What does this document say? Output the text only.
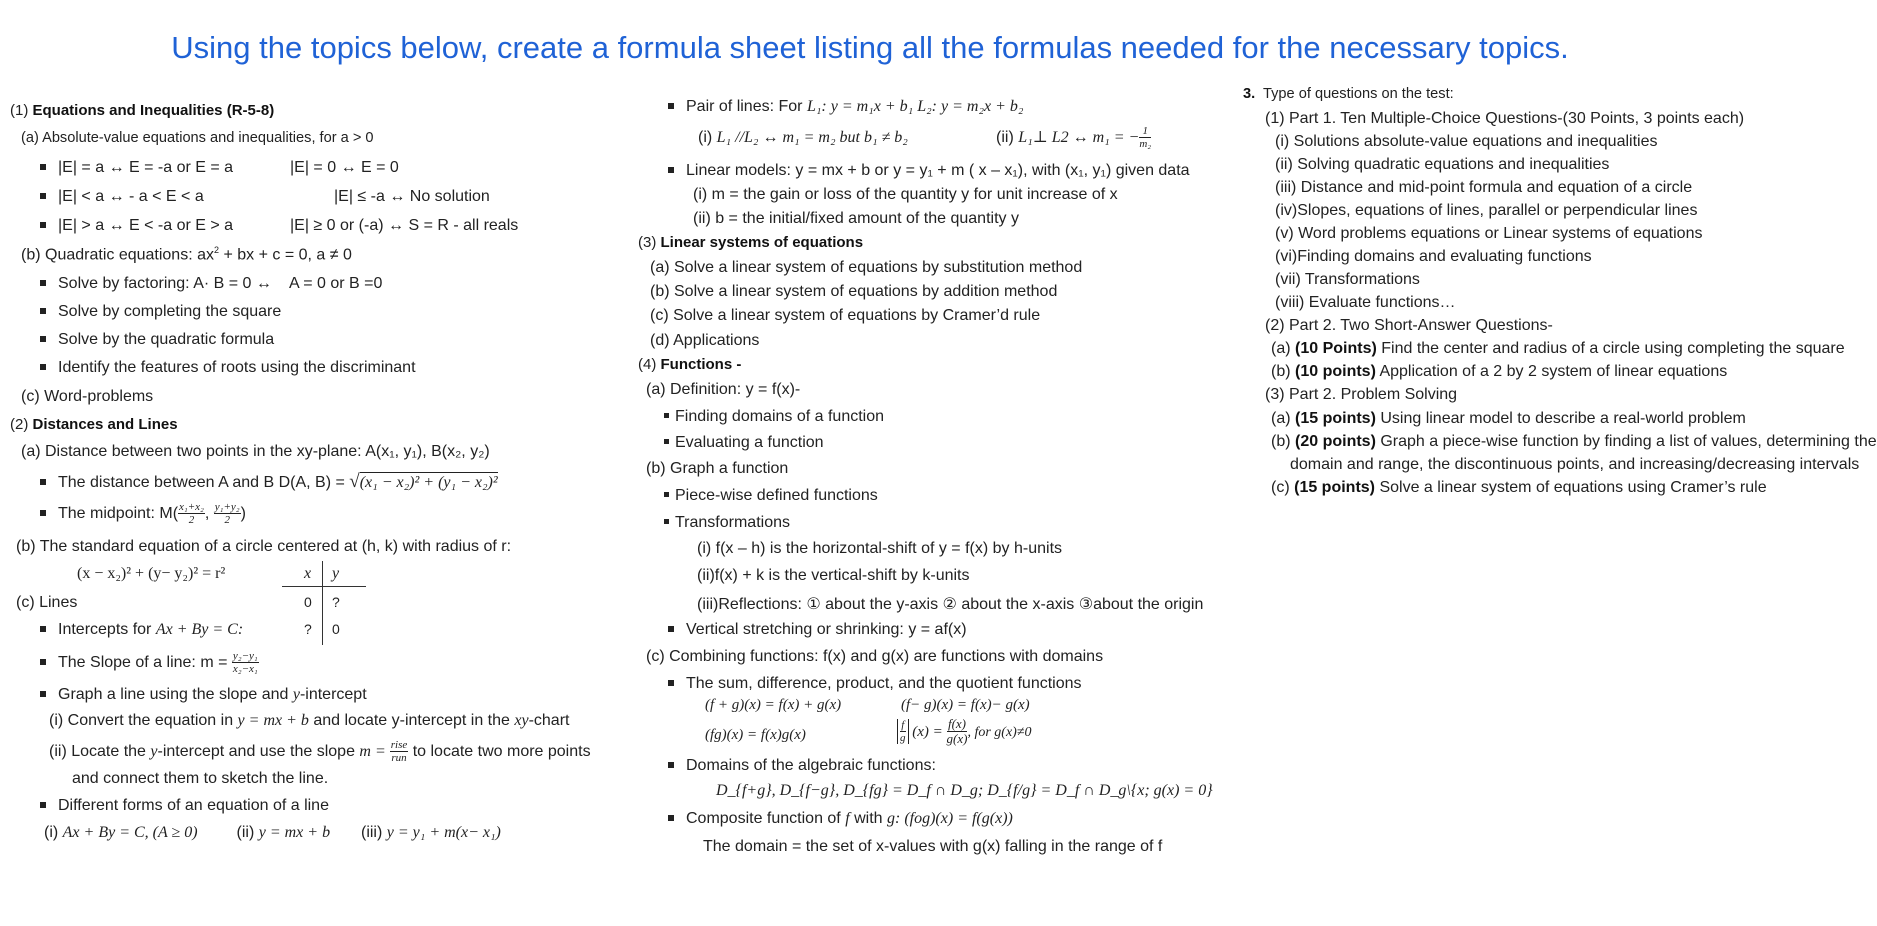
Using the topics below, create a formula sheet listing all the formulas needed for the necessary topics.
(1) Equations and Inequalities (R-5-8)
(a) Absolute-value equations and inequalities, for a > 0
|E| = a ↔ E = -a or E = a	|E| = 0 ↔ E = 0
|E| < a ↔ - a < E < a	|E| ≤ -a ↔ No solution
|E| > a ↔ E < -a or E > a	|E| ≥ 0 or (-a) ↔ S = R - all reals
(b) Quadratic equations: $ax^2$ + bx + c = 0, a ≠ 0
Solve by factoring: A· B = 0 ↔ A = 0 or B =0
Solve by completing the square
Solve by the quadratic formula
Identify the features of roots using the discriminant
(c) Word-problems
(2) Distances and Lines
(a) Distance between two points in the xy-plane: A(x₁, y₁), B(x₂, y₂)
The distance between A and B D(A, B) = √(x₁ − x₂)² + (y₁ − x₂)²
The midpoint: $M( \frac{\text{x₁+x₂}}{2}$ , $\frac{\text{y₁+y₂}}{2}$ )
(b) The standard equation of a circle centered at (h, k) with radius of r:
(x − x₂)² + (y− y₂)² = r²	x y
0 ?
? 0
(c) Lines
Intercepts for Ax + By = C:
The Slope of a line: $m = \frac{\text{y₂−y₁}}{\text{x₂−x₁}}$
Graph a line using the slope and y-intercept
(i) Convert the equation in y = mx + b and locate y-intercept in the xy-chart
(ii) Locate the y-intercept and use the slope $m = \frac{\text{rise}}{\text{run}}$ to locate two more points
and connect them to sketch the line.
Different forms of an equation of a line
(i) Ax + By = C, (A ≥ 0) (ii) y = mx + b (iii) y = y₁ + m(x− x₁)
Pair of lines: For L₁: y = m₁x + b₁ L₂: y = m₂x + b₂
(i) L₁ //L₂ ↔ m₁ = m₂ but b₁ ≠ b₂	(ii) L₁⊥ L2 ↔ m₁ = − $\frac{1}{\text{m₂}}$
Linear models: y = mx + b or y = y₁ + m ( x – x₁), with (x₁, y₁) given data
(i) m = the gain or loss of the quantity y for unit increase of x
(ii) b = the initial/fixed amount of the quantity y
(3) Linear systems of equations
(a) Solve a linear system of equations by substitution method
(b) Solve a linear system of equations by addition method
(c) Solve a linear system of equations by Cramer’d rule
(d) Applications
(4) Functions -
(a) Definition: y = f(x)-
Finding domains of a function
Evaluating a function
(b) Graph a function
Piece-wise defined functions
Transformations
(i) f(x – h) is the horizontal-shift of y = f(x) by h-units
(ii)f(x) + k is the vertical-shift by k-units
(iii)Reflections: ① about the y-axis ② about the x-axis ③about the origin
Vertical stretching or shrinking: y = af(x)
(c) Combining functions: f(x) and g(x) are functions with domains
The sum, difference, product, and the quotient functions
(f + g)(x) = f(x) + g(x)	(f− g)(x) = f(x)− g(x)
(fg)(x) = f(x)g(x)	$\frac{f}{g} (x) = \frac{f(x)}{g(x)}$ , for g(x)≠0
Domains of the algebraic functions:
D_{f+g}, D_{f−g}, D_{fg} = D_f ∩ D_g; D_{f/g} = D_f ∩ D_g\{x; g(x) = 0}
Composite function of f with g: (fog)(x) = f(g(x))
The domain = the set of x-values with g(x) falling in the range of f
3. Type of questions on the test:
(1) Part 1. Ten Multiple-Choice Questions-(30 Points, 3 points each)
(i) Solutions absolute-value equations and inequalities
(ii) Solving quadratic equations and inequalities
(iii) Distance and mid-point formula and equation of a circle
(iv)Slopes, equations of lines, parallel or perpendicular lines
(v) Word problems equations or Linear systems of equations
(vi)Finding domains and evaluating functions
(vii) Transformations
(viii) Evaluate functions…
(2) Part 2. Two Short-Answer Questions-
(a) (10 Points) Find the center and radius of a circle using completing the square
(b) (10 points) Application of a 2 by 2 system of linear equations
(3) Part 2. Problem Solving
(a) (15 points) Using linear model to describe a real-world problem
(b) (20 points) Graph a piece-wise function by finding a list of values, determining the
domain and range, the discontinuous points, and increasing/decreasing intervals
(c) (15 points) Solve a linear system of equations using Cramer’s rule
